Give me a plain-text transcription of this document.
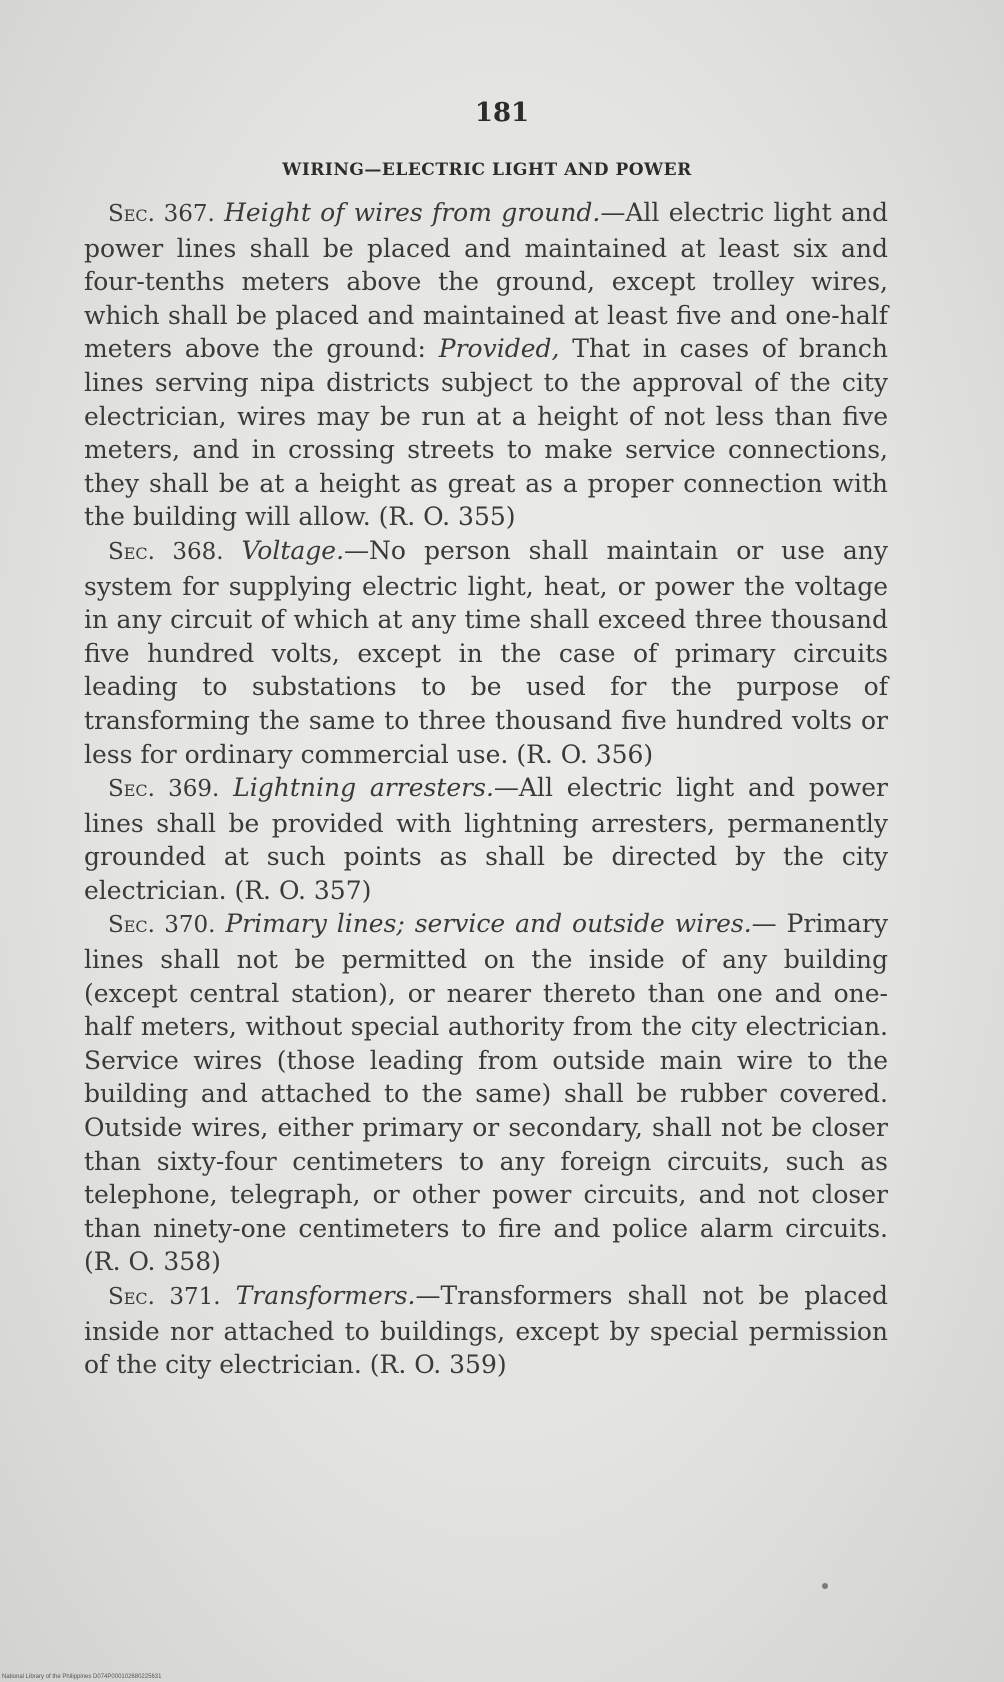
181
WIRING—ELECTRIC LIGHT AND POWER

Sec. 367. Height of wires from ground.—All electric light and power lines shall be placed and maintained at least six and four-tenths meters above the ground, except trolley wires, which shall be placed and maintained at least five and one-half meters above the ground: Provided, That in cases of branch lines serving nipa districts subject to the approval of the city electrician, wires may be run at a height of not less than five meters, and in crossing streets to make service connections, they shall be at a height as great as a proper connection with the building will allow. (R. O. 355)

Sec. 368. Voltage.—No person shall maintain or use any system for supplying electric light, heat, or power the voltage in any circuit of which at any time shall exceed three thousand five hundred volts, except in the case of primary circuits leading to substations to be used for the purpose of transforming the same to three thousand five hundred volts or less for ordinary commercial use. (R. O. 356)

Sec. 369. Lightning arresters.—All electric light and power lines shall be provided with lightning arresters, permanently grounded at such points as shall be directed by the city electrician. (R. O. 357)

Sec. 370. Primary lines; service and outside wires.— Primary lines shall not be permitted on the inside of any building (except central station), or nearer thereto than one and one-half meters, without special authority from the city electrician. Service wires (those leading from outside main wire to the building and attached to the same) shall be rubber covered. Outside wires, either primary or secondary, shall not be closer than sixty-four centimeters to any foreign circuits, such as telephone, telegraph, or other power circuits, and not closer than ninety-one centimeters to fire and police alarm circuits. (R. O. 358)

Sec. 371. Transformers.—Transformers shall not be placed inside nor attached to buildings, except by special permission of the city electrician. (R. O. 359)

National Library of the Philippines D074P000102680225631
